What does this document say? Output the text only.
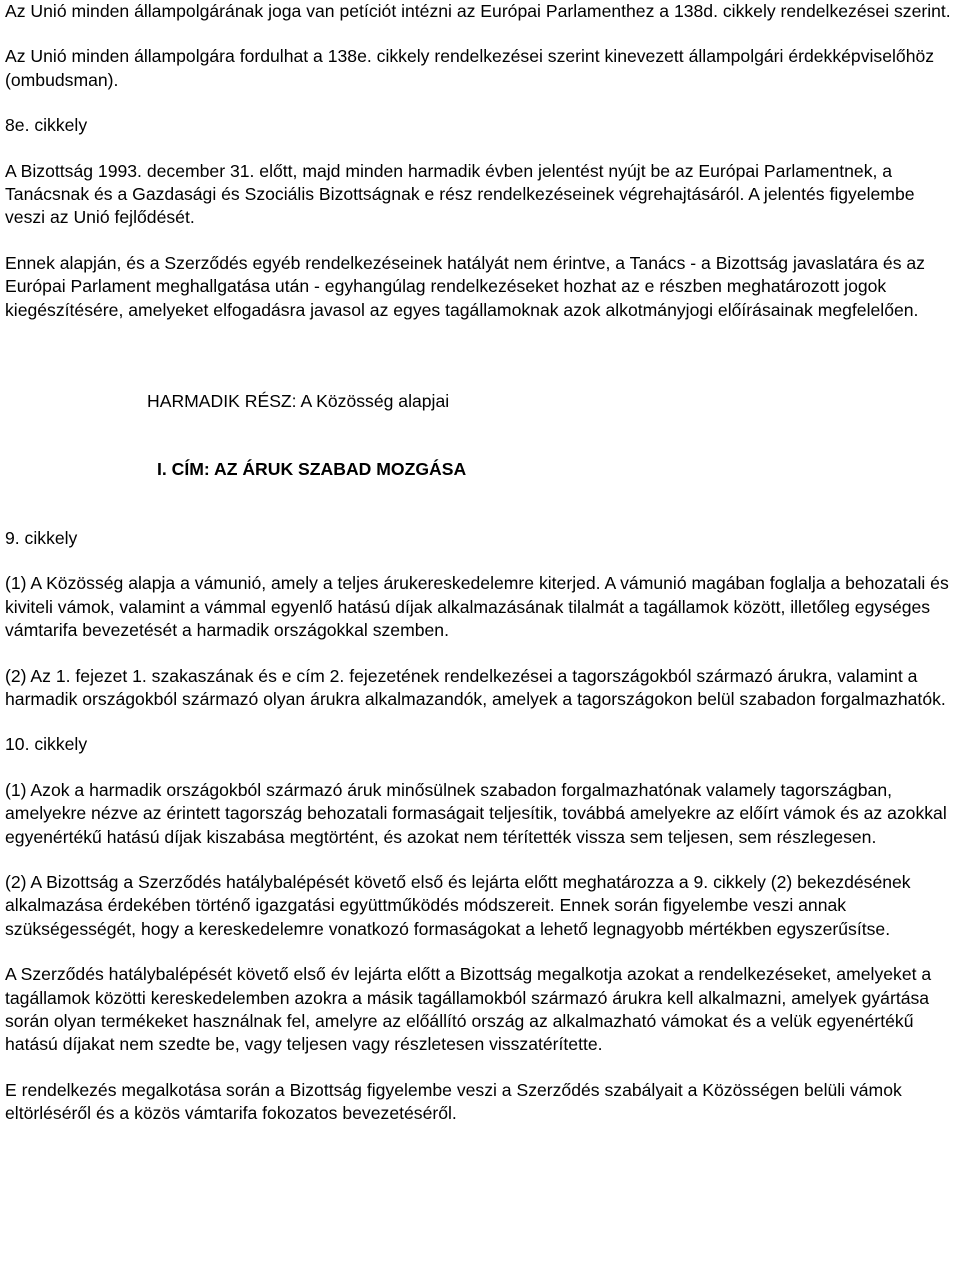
Az Unió minden állampolgárának joga van petíciót intézni az Európai Parlamenthez a 138d. cikkely rendelkezései szerint.

Az Unió minden állampolgára fordulhat a 138e. cikkely rendelkezései szerint kinevezett állampolgári érdekképviselőhöz (ombudsman).

8e. cikkely

A Bizottság 1993. december 31. előtt, majd minden harmadik évben jelentést nyújt be az Európai Parlamentnek, a Tanácsnak és a Gazdasági és Szociális Bizottságnak e rész rendelkezéseinek végrehajtásáról. A jelentés figyelembe veszi az Unió fejlődését.

Ennek alapján, és a Szerződés egyéb rendelkezéseinek hatályát nem érintve, a Tanács - a Bizottság javaslatára és az Európai Parlament meghallgatása után - egyhangúlag rendelkezéseket hozhat az e részben meghatározott jogok kiegészítésére, amelyeket elfogadásra javasol az egyes tagállamoknak azok alkotmányjogi előírásainak megfelelően.

HARMADIK RÉSZ: A Közösség alapjai

I. CÍM: AZ ÁRUK SZABAD MOZGÁSA

9. cikkely

(1) A Közösség alapja a vámunió, amely a teljes árukereskedelemre kiterjed. A vámunió magában foglalja a behozatali és kiviteli vámok, valamint a vámmal egyenlő hatású díjak alkalmazásának tilalmát a tagállamok között, illetőleg egységes vámtarifa bevezetését a harmadik országokkal szemben.

(2) Az 1. fejezet 1. szakaszának és e cím 2. fejezetének rendelkezései a tagországokból származó árukra, valamint a harmadik országokból származó olyan árukra alkalmazandók, amelyek a tagországokon belül szabadon forgalmazhatók.

10. cikkely

(1) Azok a harmadik országokból származó áruk minősülnek szabadon forgalmazhatónak valamely tagországban, amelyekre nézve az érintett tagország behozatali formaságait teljesítik, továbbá amelyekre az előírt vámok és az azokkal egyenértékű hatású díjak kiszabása megtörtént, és azokat nem térítették vissza sem teljesen, sem részlegesen.

(2) A Bizottság a Szerződés hatálybalépését követő első és lejárta előtt meghatározza a 9. cikkely (2) bekezdésének alkalmazása érdekében történő igazgatási együttműködés módszereit. Ennek során figyelembe veszi annak szükségességét, hogy a kereskedelemre vonatkozó formaságokat a lehető legnagyobb mértékben egyszerűsítse.

A Szerződés hatálybalépését követő első év lejárta előtt a Bizottság megalkotja azokat a rendelkezéseket, amelyeket a tagállamok közötti kereskedelemben azokra a másik tagállamokból származó árukra kell alkalmazni, amelyek gyártása során olyan termékeket használnak fel, amelyre az előállító ország az alkalmazható vámokat és a velük egyenértékű hatású díjakat nem szedte be, vagy teljesen vagy részletesen visszatérítette.

E rendelkezés megalkotása során a Bizottság figyelembe veszi a Szerződés szabályait a Közösségen belüli vámok eltörléséről és a közös vámtarifa fokozatos bevezetéséről.
